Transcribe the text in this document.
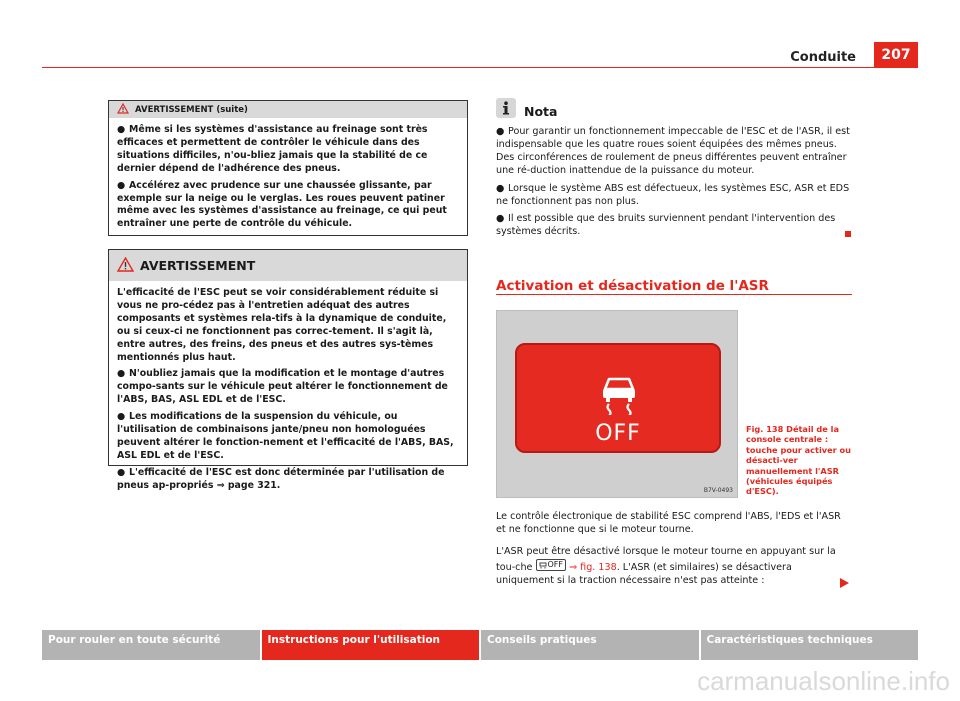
Conduite	207
AVERTISSEMENT (suite)

● Même si les systèmes d'assistance au freinage sont très efficaces et permettent de contrôler le véhicule dans des situations difficiles, n'ou-bliez jamais que la stabilité de ce dernier dépend de l'adhérence des pneus.

● Accélérez avec prudence sur une chaussée glissante, par exemple sur la neige ou le verglas. Les roues peuvent patiner même avec les systèmes d'assistance au freinage, ce qui peut entraîner une perte de contrôle du véhicule.

AVERTISSEMENT

L'efficacité de l'ESC peut se voir considérablement réduite si vous ne pro-cédez pas à l'entretien adéquat des autres composants et systèmes rela-tifs à la dynamique de conduite, ou si ceux-ci ne fonctionnent pas correc-tement. Il s'agit là, entre autres, des freins, des pneus et des autres sys-tèmes mentionnés plus haut.

● N'oubliez jamais que la modification et le montage d'autres compo-sants sur le véhicule peut altérer le fonctionnement de l'ABS, BAS, ASL EDL et de l'ESC.

● Les modifications de la suspension du véhicule, ou l'utilisation de combinaisons jante/pneu non homologuées peuvent altérer le fonction-nement et l'efficacité de l'ABS, BAS, ASL EDL et de l'ESC.

● L'efficacité de l'ESC est donc déterminée par l'utilisation de pneus ap-propriés ⇒ page 321.

Nota

● Pour garantir un fonctionnement impeccable de l'ESC et de l'ASR, il est indispensable que les quatre roues soient équipées des mêmes pneus. Des circonférences de roulement de pneus différentes peuvent entraîner une ré-duction inattendue de la puissance du moteur.

● Lorsque le système ABS est défectueux, les systèmes ESC, ASR et EDS ne fonctionnent pas non plus.

● Il est possible que des bruits surviennent pendant l'intervention des systèmes décrits.

Activation et désactivation de l'ASR
OFF
B7V-0493
Fig. 138 Détail de la console centrale : touche pour activer ou désacti-ver manuellement l'ASR (véhicules équipés d'ESC).
Le contrôle électronique de stabilité ESC comprend l'ABS, l'EDS et l'ASR et ne fonctionne que si le moteur tourne.
L'ASR peut être désactivé lorsque le moteur tourne en appuyant sur la tou-che OFF ⇒ fig. 138. L'ASR (et similaires) se désactivera uniquement si la traction nécessaire n'est pas atteinte :
Pour rouler en toute sécurité	Instructions pour l'utilisation	Conseils pratiques	Caractéristiques techniques
carmanualsonline.info
